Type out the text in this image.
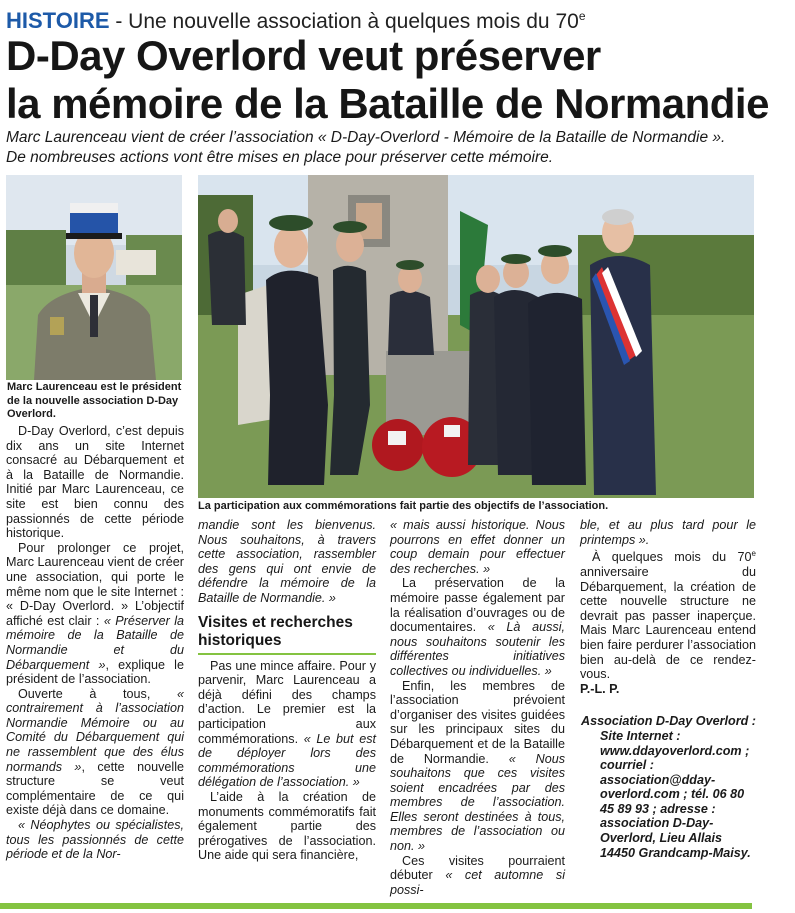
HISTOIRE - Une nouvelle association à quelques mois du 70e
D-Day Overlord veut préserver
la mémoire de la Bataille de Normandie
Marc Laurenceau vient de créer l’association « D-Day-Overlord - Mémoire de la Bataille de Normandie ».
De nombreuses actions vont être mises en place pour préserver cette mémoire.
Marc Laurenceau est le président de la nouvelle association D-Day Overlord.
La participation aux commémorations fait partie des objectifs de l’association.

D-Day Overlord, c’est depuis dix ans un site Internet consacré au Débarquement et à la Bataille de Normandie. Initié par Marc Laurenceau, ce site est bien connu des passionnés de cette période historique.

Pour prolonger ce projet, Marc Laurenceau vient de créer une association, qui porte le même nom que le site Internet : « D-Day Overlord. » L’objectif affiché est clair : « Préserver la mémoire de la Bataille de Normandie et du Débarquement », explique le président de l’association.

Ouverte à tous, « contrairement à l’association Normandie Mémoire ou au Comité du Débarquement qui ne rassemblent que des élus normands », cette nouvelle structure se veut complémentaire de ce qui existe déjà dans ce domaine.

« Néophytes ou spécialistes, tous les passionnés de cette période et de la Nor-

mandie sont les bienvenus. Nous souhaitons, à travers cette association, rassembler des gens qui ont envie de défendre la mémoire de la Bataille de Normandie. »

Visites et recherches historiques

Pas une mince affaire. Pour y parvenir, Marc Laurenceau a déjà défini des champs d’action. Le premier est la participation aux commémorations. « Le but est de déployer lors des commémorations une délégation de l’association. »

L’aide à la création de monuments commémoratifs fait également partie des prérogatives de l’association. Une aide qui sera financière,

« mais aussi historique. Nous pourrons en effet donner un coup demain pour effectuer des recherches. »

La préservation de la mémoire passe également par la réalisation d’ouvrages ou de documentaires. « Là aussi, nous souhaitons soutenir les différentes initiatives collectives ou individuelles. »

Enfin, les membres de l’association prévoient d’organiser des visites guidées sur les principaux sites du Débarquement et de la Bataille de Normandie. « Nous souhaitons que ces visites soient encadrées par des membres de l’association. Elles seront destinées à tous, membres de l’association ou non. »

Ces visites pourraient débuter « cet automne si possi-

ble, et au plus tard pour le printemps ».

À quelques mois du 70e anniversaire du Débarquement, la création de cette nouvelle structure ne devrait pas passer inaperçue. Mais Marc Laurenceau entend bien faire perdurer l’association bien au-delà de ce rendez-vous.

P.-L. P.

Association D-Day Overlord :
Site Internet : www.ddayoverlord.com ; courriel : association@dday-overlord.com ; tél. 06 80 45 89 93 ; adresse : association D-Day-Overlord, Lieu Allais 14450 Grandcamp-Maisy.
